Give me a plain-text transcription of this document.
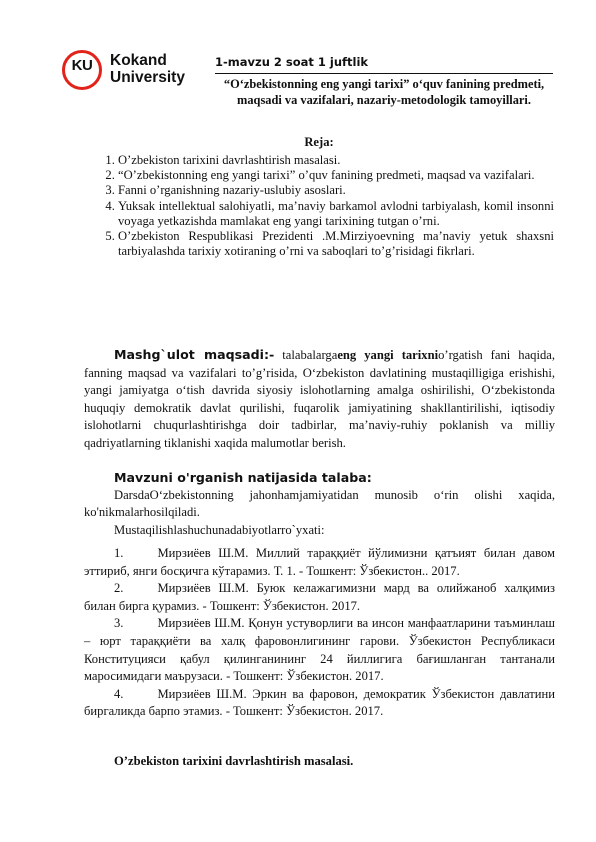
KU	Kokand
University
1-mavzu 2 soat 1 juftlik
“O‘zbekistonning eng yangi tarixi” o‘quv fanining predmeti, maqsadi va vazifalari, nazariy-metodologik tamoyillari.
Reja:
1. O’zbekiston tarixini davrlashtirish masalasi.
2. “O’zbekistonning eng yangi tarixi” o’quv fanining predmeti, maqsad va vazifalari.
3. Fanni o’rganishning nazariy-uslubiy asoslari.
4. Yuksak intellektual salohiyatli, ma’naviy barkamol avlodni tarbiyalash, komil insonni voyaga yetkazishda mamlakat eng yangi tarixining tutgan o’rni.
5. O’zbekiston Respublikasi Prezidenti .M.Mirziyoevning ma’naviy yetuk shaxsni tarbiyalashda tarixiy xotiraning o’rni va saboqlari to’g’risidagi fikrlari.

Mashg`ulot maqsadi:- talabalargaeng yangi tarixnio’rgatish fani haqida, fanning maqsad va vazifalari to’g’risida, O‘zbekiston davlatining mustaqilligiga erishishi, yangi jamiyatga o‘tish davrida siyosiy islohotlarning amalga oshirilishi, O‘zbekistonda huquqiy demokratik davlat qurilishi, fuqarolik jamiyatining shakllantirilishi, iqtisodiy islohotlarni chuqurlashtirishga doir tadbirlar, ma’naviy-ruhiy poklanish va milliy qadriyatlarning tiklanishi xaqida malumotlar berish.

Mavzuni o'rganish natijasida talaba:

DarsdaO‘zbekistonning jahonhamjamiyatidan munosib o‘rin olishi xaqida, ko'nikmalarhosilqiladi.

Mustaqilishlashuchunadabiyotlarro`yxati:

1.	Мирзиёев Ш.М. Миллий тараққиёт йўлимизни қатъият билан давом эттириб, янги босқичга кўтарамиз. Т. 1. - Тошкент: Ўзбекистон.. 2017.

2.	Мирзиёев Ш.М. Буюк келажагимизни мард ва олийжаноб халқимиз билан бирга қурамиз. - Тошкент: Ўзбекистон. 2017.

3.	Мирзиёев Ш.М. Қонун устуворлиги ва инсон манфаатларини таъминлаш – юрт тараққиёти ва халқ фаровонлигининг гарови. Ўзбекистон Республикаси Конституцияси қабул қилинганининг 24 йиллигига бағишланган тантанали маросимидаги маърузаси. - Тошкент: Ўзбекистон. 2017.

4.	Мирзиёев Ш.М. Эркин ва фаровон, демократик Ўзбекистон давлатини биргаликда барпо этамиз. - Тошкент: Ўзбекистон. 2017.

O’zbekiston tarixini davrlashtirish masalasi.
